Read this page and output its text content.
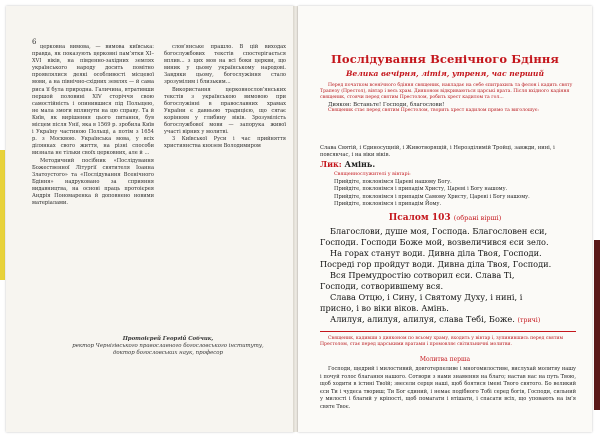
6

церковна вимова, — вимова київська: правда, як показують церковні пам’ятки XI–XVI віків, на південно-західних землях українського народу досить помітно проявлялися деякі особливості місцевої мови, а на північно-східних землях — й сама риса її була природна. Галичина, втративши першой половині XIV сторіччя свою самостійність і опинившися під Польщею, не мала змоги вплинути на цю справу. Та й Київ, як вирішення цього питання, був місцем після Унії, яка в 1569 р. зробила Київ і Україну частиною Польщі, а потім з 1654 р. з Москвою. Українська мова, у всіх ділянках свого життя, на різні способи визнала не тільки своїх церковних, але й ...

Методичний посібник «Послідування Божественної Літургії святителя Іоанна Златоустого» та «Послідування Всенічного Бдіння» надруковано за сприяння видавництва, на основі праць протоієрея Андрія Пономаренка й доповнено новими матеріалами.

слов’янське прашло. В цій виходах богослужбових текстів спостерігається вплив... з цих мов на всі боки церкви, що виник у цьому українському народові. Завдяки цьому, богослужіння стало зрозумілим і близьким...

Використання церковнослов’янських текстів з українською вимовою при богослужінні в православних храмах України є давньою традицією, що сягає корінням у глибину віків. Зрозумілість богослужбової мови — запорука живої участі вірних у молитві.

З Київської Руси і час прийняття християнства князем Володимиром

Протоієрей Георгій Собчик,
ректор Чернігівського православного богословського інституту,
доктор богословських наук, професор
Послідування Всенічного Бдіння
Велика вечірня, літія, утреня, час перший

Перед початком всенічного бдіння священик, накладає на себе єпитрахиль та фелон і кадить святу Трапезу (Престол), вівтар і весь храм. Дияконом відкриваються царські врата. Після вхідного кадіння священик, стоячи перед святим Престолом, робить хрест кадилом та гол...

Диякон: Встаньте! Господи, благослови!

Священик стає перед святим Престолом, творить хрест кадилом прямо та виголошує:

Слава Святій, і Єдиносущній, і Животворящій, і Нерозділимій Тройці, завжди, нині, і повсякчас, і на віки віків.
Лик: Амінь.
Священнослужителі у вівтарі:
Прийдіте, поклонімся Цареві нашому Богу.
Прийдіте, поклонімся і припадім Христу, Цареві і Богу нашому.
Прийдіте, поклонімся і припадім Самому Христу, Цареві і Богу нашому.
Прийдіте, поклонімся і припадім Йому.
Псалом 103 (обрані вірші)
Благослови, душе моя, Господа. Благословен єси,
Господи. Господи Боже мой, возвеличився єси зело.
На горах станут води. Дивна діла Твоя, Господи.
Посреді гор пройдут води. Дивна діла Твоя, Господи.
Вся Премудростію сотворил єси. Слава Ті,
Господи, сотворившему вся.
Слава Отцю, і Сину, і Святому Духу, і нині, і
присно, і во віки віков. Амінь.
Алилуя, алилуя, алилуя, слава Тебі, Боже. (тричі)

Священик, кадивши з дияконом по всьому храму, входить у вівтар і, зупинившись перед святим Престолом, стає перед царськими вратами і промовляє світильничні молитви.

Молитва перша

Господи, щедрий і милостивий, довготерпеливе і многомилостиве, вислухай молитву нашу і почуй голос благання нашого. Сотвори з нами знамення на благо; настав нас на путь Твою, щоб ходити в істині Твоїй; звесели серця наші, щоб боятися імені Твого святого. Бо великий єси Ти і чудеса твориш; Ти Бог єдиний, і немає подібного Тобі серед богів, Господи, сильний у милості і благий у кріпості, щоб помагати і втішати, і спасати всіх, що уповають на ім’я святе Твоє.
